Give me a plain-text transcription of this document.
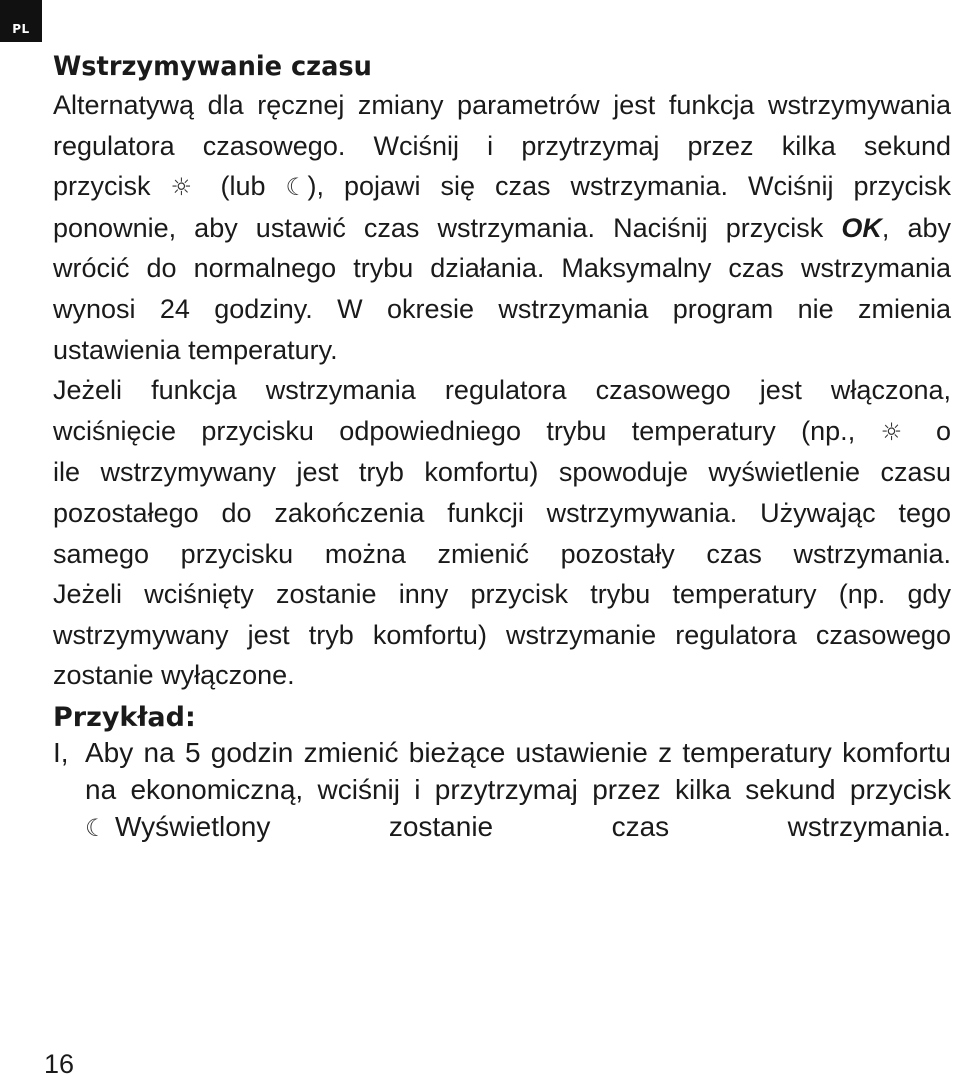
PL
Wstrzymywanie czasu
Alternatywą dla ręcznej zmiany parametrów jest funkcja wstrzymywania
regulatora czasowego. Wciśnij i przytrzymaj przez kilka sekund
przycisk ☼ (lub ☾), pojawi się czas wstrzymania. Wciśnij przycisk
ponownie, aby ustawić czas wstrzymania. Naciśnij przycisk OK, aby
wrócić do normalnego trybu działania. Maksymalny czas wstrzymania
wynosi 24 godziny. W okresie wstrzymania program nie zmienia
ustawienia temperatury.
Jeżeli funkcja wstrzymania regulatora czasowego jest włączona,
wciśnięcie przycisku odpowiedniego trybu temperatury (np., ☼ o
ile wstrzymywany jest tryb komfortu) spowoduje wyświetlenie czasu
pozostałego do zakończenia funkcji wstrzymywania. Używając tego
samego przycisku można zmienić pozostały czas wstrzymania.
Jeżeli wciśnięty zostanie inny przycisk trybu temperatury (np. gdy
wstrzymywany jest tryb komfortu) wstrzymanie regulatora czasowego
zostanie wyłączone.
Przykład:
I, Aby na 5 godzin zmienić bieżące ustawienie z temperatury komfortu
na ekonomiczną, wciśnij i przytrzymaj przez kilka sekund przycisk
☾ Wyświetlony zostanie czas wstrzymania.
16
